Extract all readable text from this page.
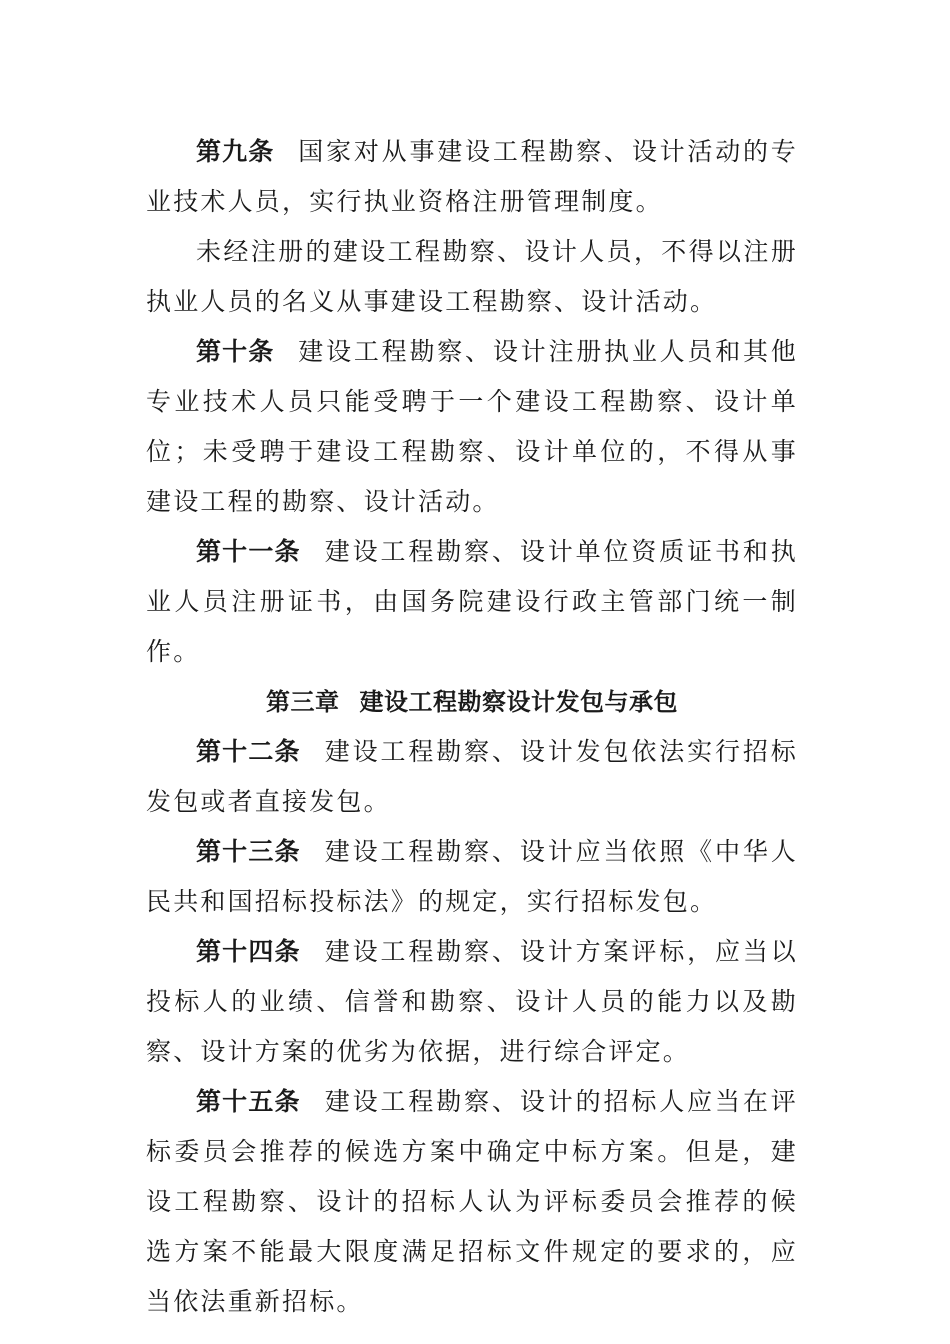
第九条 国家对从事建设工程勘察、设计活动的专业技术人员，实行执业资格注册管理制度。

未经注册的建设工程勘察、设计人员，不得以注册执业人员的名义从事建设工程勘察、设计活动。

第十条 建设工程勘察、设计注册执业人员和其他专业技术人员只能受聘于一个建设工程勘察、设计单位；未受聘于建设工程勘察、设计单位的，不得从事建设工程的勘察、设计活动。

第十一条 建设工程勘察、设计单位资质证书和执业人员注册证书，由国务院建设行政主管部门统一制作。

第三章 建设工程勘察设计发包与承包

第十二条 建设工程勘察、设计发包依法实行招标发包或者直接发包。

第十三条 建设工程勘察、设计应当依照《中华人民共和国招标投标法》的规定，实行招标发包。

第十四条 建设工程勘察、设计方案评标，应当以投标人的业绩、信誉和勘察、设计人员的能力以及勘察、设计方案的优劣为依据，进行综合评定。

第十五条 建设工程勘察、设计的招标人应当在评标委员会推荐的候选方案中确定中标方案。但是，建设工程勘察、设计的招标人认为评标委员会推荐的候选方案不能最大限度满足招标文件规定的要求的，应当依法重新招标。
